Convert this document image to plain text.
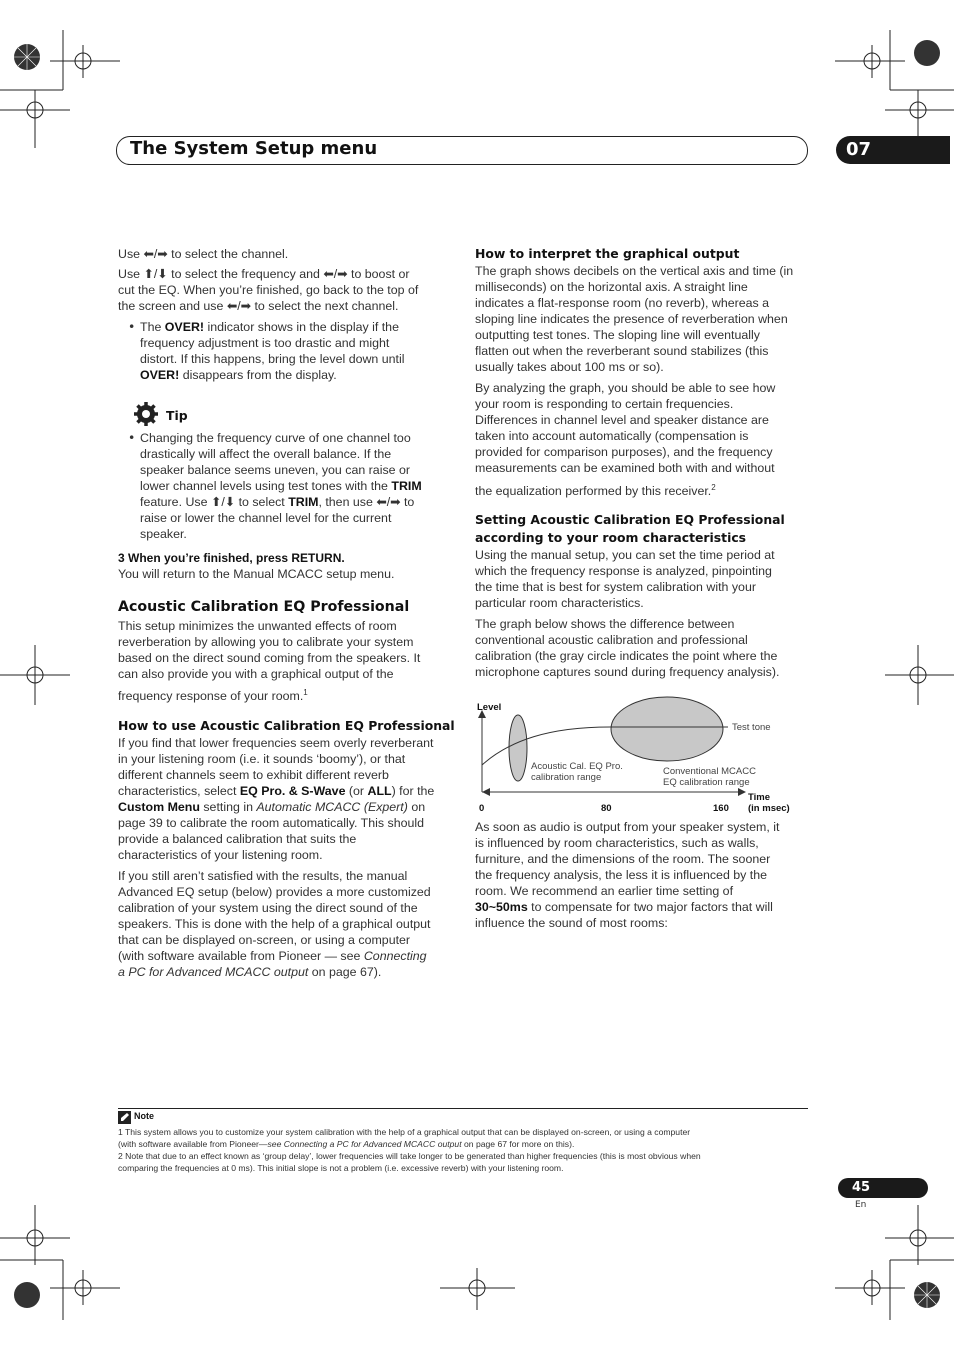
The System Setup menu	07
Use ⬅/➡ to select the channel.
Use ⬆/⬇ to select the frequency and ⬅/➡ to boost or
cut the EQ. When you’re finished, go back to the top of
the screen and use ⬅/➡ to select the next channel.
• The OVER! indicator shows in the display if the
frequency adjustment is too drastic and might
distort. If this happens, bring the level down until
OVER! disappears from the display.
Tip
• Changing the frequency curve of one channel too
drastically will affect the overall balance. If the
speaker balance seems uneven, you can raise or
lower channel levels using test tones with the TRIM
feature. Use ⬆/⬇ to select TRIM, then use ⬅/➡ to
raise or lower the channel level for the current
speaker.
3 When you’re finished, press RETURN.
You will return to the Manual MCACC setup menu.
Acoustic Calibration EQ Professional
This setup minimizes the unwanted effects of room
reverberation by allowing you to calibrate your system
based on the direct sound coming from the speakers. It
can also provide you with a graphical output of the
frequency response of your room.$^1$
How to use Acoustic Calibration EQ Professional
If you find that lower frequencies seem overly reverberant
in your listening room (i.e. it sounds ‘boomy’), or that
different channels seem to exhibit different reverb
characteristics, select EQ Pro. & S-Wave (or ALL) for the
Custom Menu setting in Automatic MCACC (Expert) on
page 39 to calibrate the room automatically. This should
provide a balanced calibration that suits the
characteristics of your listening room.
If you still aren’t satisfied with the results, the manual
Advanced EQ setup (below) provides a more customized
calibration of your system using the direct sound of the
speakers. This is done with the help of a graphical output
that can be displayed on-screen, or using a computer
(with software available from Pioneer — see Connecting
a PC for Advanced MCACC output on page 67).
How to interpret the graphical output
The graph shows decibels on the vertical axis and time (in
milliseconds) on the horizontal axis. A straight line
indicates a flat-response room (no reverb), whereas a
sloping line indicates the presence of reverberation when
outputting test tones. The sloping line will eventually
flatten out when the reverberant sound stabilizes (this
usually takes about 100 ms or so).
By analyzing the graph, you should be able to see how
your room is responding to certain frequencies.
Differences in channel level and speaker distance are
taken into account automatically (compensation is
provided for comparison purposes), and the frequency
measurements can be examined both with and without
the equalization performed by this receiver.$^2$
Setting Acoustic Calibration EQ Professional
according to your room characteristics
Using the manual setup, you can set the time period at
which the frequency response is analyzed, pinpointing
the time that is best for system calibration with your
particular room characteristics.
The graph below shows the difference between
conventional acoustic calibration and professional
calibration (the gray circle indicates the point where the
microphone captures sound during frequency analysis).
Level
Test tone
Acoustic Cal. EQ Pro.
calibration range
Conventional MCACC
EQ calibration range
0	80	160
Time
(in msec)
As soon as audio is output from your speaker system, it
is influenced by room characteristics, such as walls,
furniture, and the dimensions of the room. The sooner
the frequency analysis, the less it is influenced by the
room. We recommend an earlier time setting of
30~50ms to compensate for two major factors that will
influence the sound of most rooms:
Note
1 This system allows you to customize your system calibration with the help of a graphical output that can be displayed on-screen, or using a computer
(with software available from Pioneer—see Connecting a PC for Advanced MCACC output on page 67 for more on this).
2 Note that due to an effect known as ‘group delay’, lower frequencies will take longer to be generated than higher frequencies (this is most obvious when
comparing the frequencies at 0 ms). This initial slope is not a problem (i.e. excessive reverb) with your listening room.
45
En
